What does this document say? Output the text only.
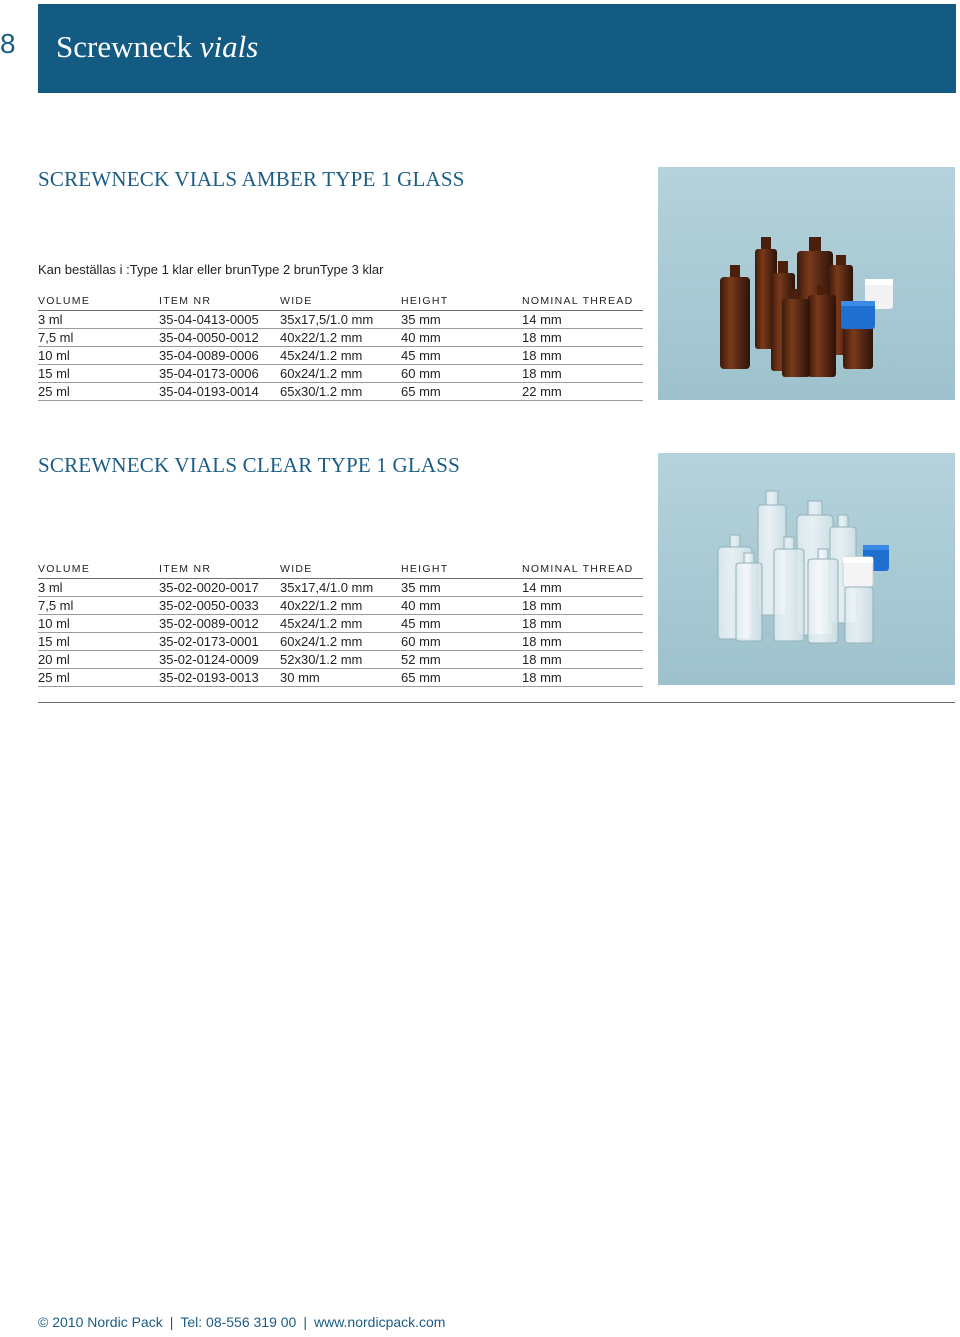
8	Screwneck vials
SCREWNECK VIALS AMBER TYPE 1 GLASS
Kan beställas i :Type 1 klar eller brunType 2 brunType 3 klar
VOLUME	ITEM NR	WIDE	HEIGHT	NOMINAL THREAD
3 ml	35-04-0413-0005	35x17,5/1.0 mm	35 mm	14 mm
7,5 ml	35-04-0050-0012	40x22/1.2 mm	40 mm	18 mm
10 ml	35-04-0089-0006	45x24/1.2 mm	45 mm	18 mm
15 ml	35-04-0173-0006	60x24/1.2 mm	60 mm	18 mm
25 ml	35-04-0193-0014	65x30/1.2 mm	65 mm	22 mm
SCREWNECK VIALS CLEAR TYPE 1 GLASS
VOLUME	ITEM NR	WIDE	HEIGHT	NOMINAL THREAD
3 ml	35-02-0020-0017	35x17,4/1.0 mm	35 mm	14 mm
7,5 ml	35-02-0050-0033	40x22/1.2 mm	40 mm	18 mm
10 ml	35-02-0089-0012	45x24/1.2 mm	45 mm	18 mm
15 ml	35-02-0173-0001	60x24/1.2 mm	60 mm	18 mm
20 ml	35-02-0124-0009	52x30/1.2 mm	52 mm	18 mm
25 ml	35-02-0193-0013	30 mm	65 mm	18 mm
© 2010 Nordic Pack | Tel: 08-556 319 00 | www.nordicpack.com
